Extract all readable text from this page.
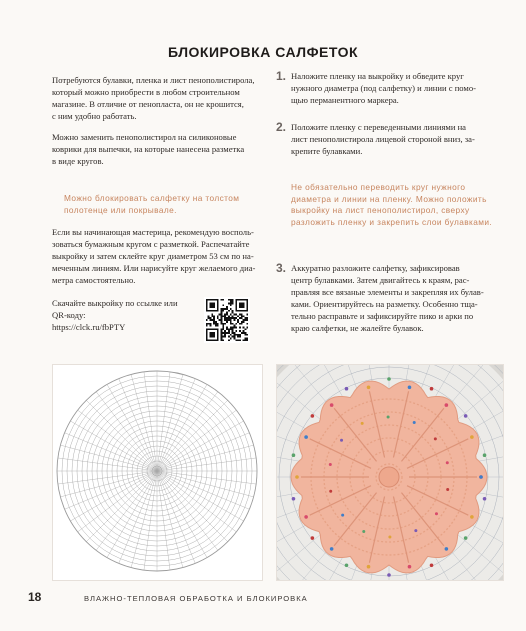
БЛОКИРОВКА САЛФЕТОК
Потребуются булавки, пленка и лист пенополистирола,
который можно приобрести в любом строительном
магазине. В отличие от пенопласта, он не крошится,
с ним удобно работать.
Можно заменить пенополистирол на силиконовые
коврики для выпечки, на которые нанесена разметка
в виде кругов.
Можно блокировать салфетку на толстом
полотенце или покрывале.
Если вы начинающая мастерица, рекомендую восполь-
зоваться бумажным кругом с разметкой. Распечатайте
выкройку и затем склейте круг диаметром 53 см по на-
меченным линиям. Или нарисуйте круг желаемого диа-
метра самостоятельно.
Скачайте выкройку по ссылке или
QR-коду:
https://clck.ru/fbPTY
1. Наложите пленку на выкройку и обведите круг
нужного диаметра (под салфетку) и линии с помо-
щью перманентного маркера.
2. Положите пленку с переведенными линиями на
лист пенополистирола лицевой стороной вниз, за-
крепите булавками.
Не обязательно переводить круг нужного
диаметра и линии на пленку. Можно положить
выкройку на лист пенополистирол, сверху
разложить пленку и закрепить слои булавками.
3. Аккуратно разложите салфетку, зафиксировав
центр булавками. Затем двигайтесь к краям, рас-
правляя все вязаные элементы и закрепляя их булав-
ками. Ориентируйтесь на разметку. Особенно тща-
тельно расправьте и зафиксируйте пико и арки по
краю салфетки, не жалейте булавок.
18	ВЛАЖНО-ТЕПЛОВАЯ ОБРАБОТКА И БЛОКИРОВКА
